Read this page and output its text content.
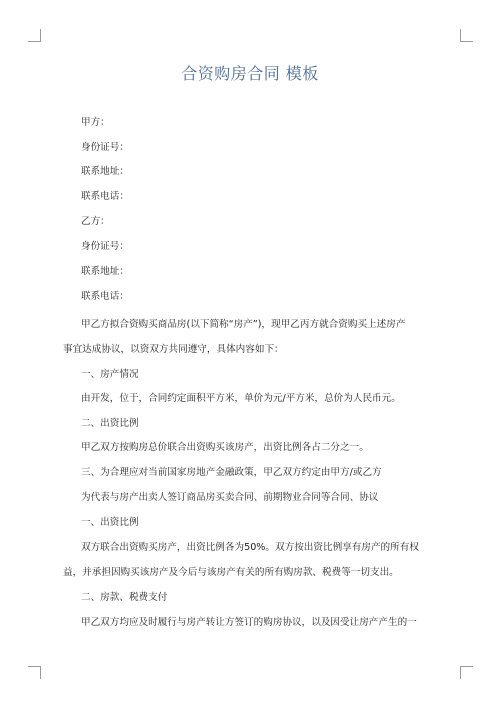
合资购房合同 模板
甲方：
身份证号：
联系地址：
联系电话：
乙方：
身份证号：
联系地址：
联系电话：
甲乙方拟合资购买商品房(以下简称“房产”)，现甲乙丙方就合资购买上述房产
事宜达成协议，以资双方共同遵守，具体内容如下：
一、房产情况
由开发，位于，合同约定面积平方米，单价为元/平方米，总价为人民币元。
二、出资比例
甲乙双方按购房总价联合出资购买该房产，出资比例各占二分之一。
三、为合理应对当前国家房地产金融政策，甲乙双方约定由甲方/或乙方
为代表与房产出卖人签订商品房买卖合同、前期物业合同等合同、协议
一、出资比例
双方联合出资购买房产，出资比例各为50%。双方按出资比例享有房产的所有权
益，并承担因购买该房产及今后与该房产有关的所有购房款、税费等一切支出。
二、房款、税费支付
甲乙双方均应及时履行与房产转让方签订的购房协议，以及因受让房产产生的一
